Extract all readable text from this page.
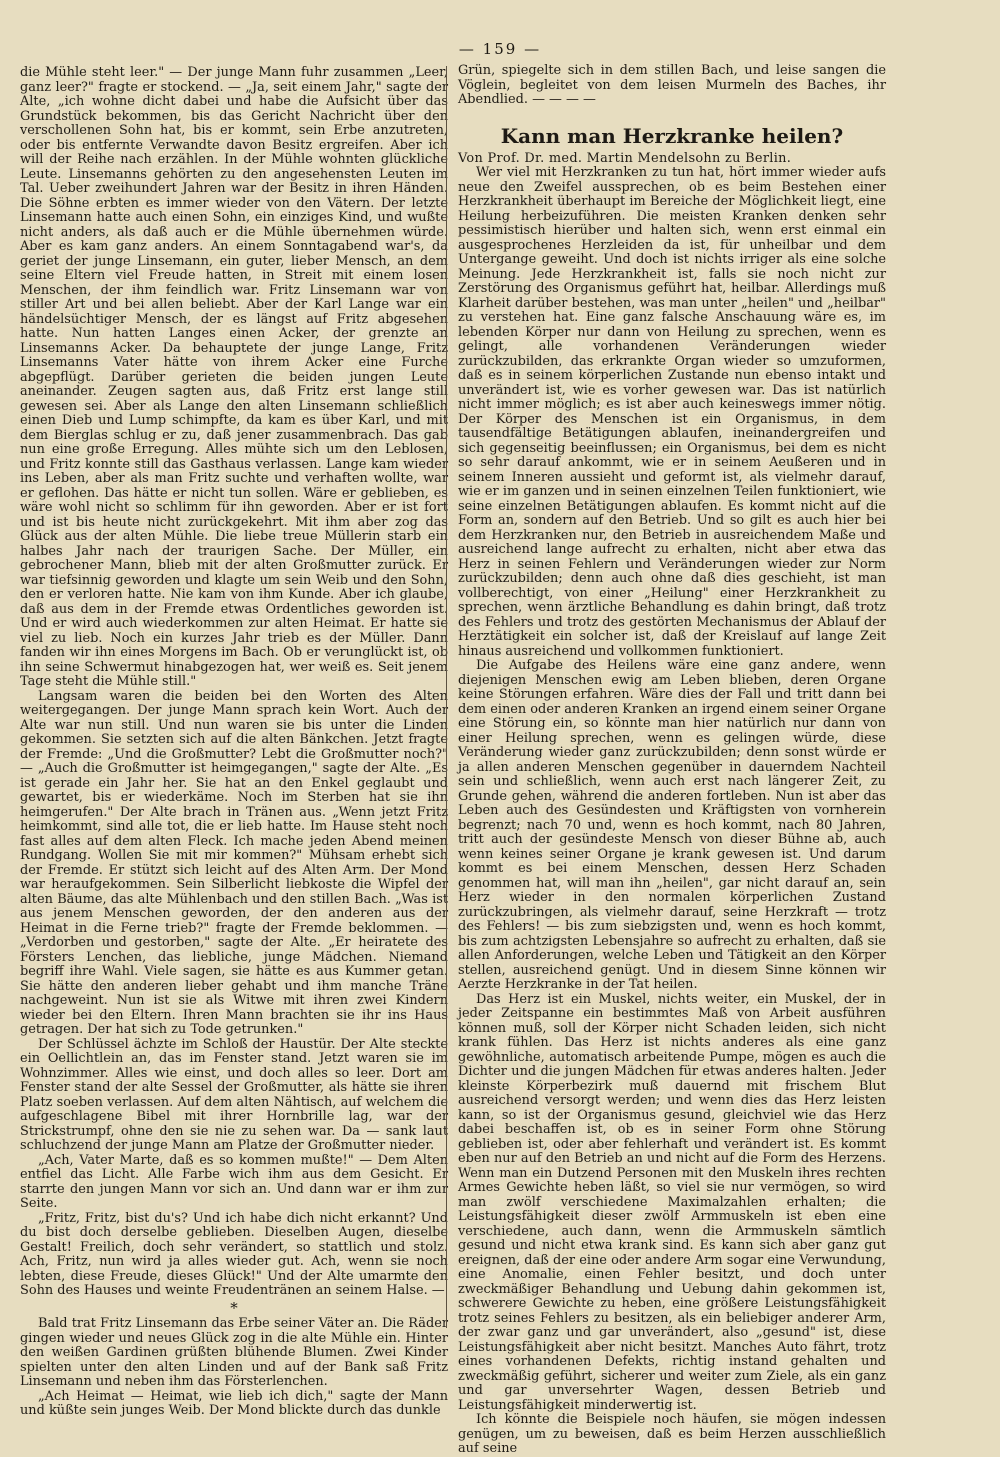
— 159 —

die Mühle steht leer." — Der junge Mann fuhr zusammen „Leer, ganz leer?" fragte er stockend. — „Ja, seit einem Jahr," sagte der Alte, „ich wohne dicht dabei und habe die Aufsicht über das Grundstück bekommen, bis das Gericht Nachricht über den verschollenen Sohn hat, bis er kommt, sein Erbe anzutreten, oder bis entfernte Verwandte davon Besitz ergreifen. Aber ich will der Reihe nach erzählen. In der Mühle wohnten glückliche Leute. Linsemanns gehörten zu den angesehensten Leuten im Tal. Ueber zweihundert Jahren war der Besitz in ihren Händen. Die Söhne erbten es immer wieder von den Vätern. Der letzte Linsemann hatte auch einen Sohn, ein einziges Kind, und wußte nicht anders, als daß auch er die Mühle übernehmen würde. Aber es kam ganz anders. An einem Sonntagabend war's, da geriet der junge Linsemann, ein guter, lieber Mensch, an dem seine Eltern viel Freude hatten, in Streit mit einem losen Menschen, der ihm feindlich war. Fritz Linsemann war von stiller Art und bei allen beliebt. Aber der Karl Lange war ein händelsüchtiger Mensch, der es längst auf Fritz abgesehen hatte. Nun hatten Langes einen Acker, der grenzte an Linsemanns Acker. Da behauptete der junge Lange, Fritz Linsemanns Vater hätte von ihrem Acker eine Furche abgepflügt. Darüber gerieten die beiden jungen Leute aneinander. Zeugen sagten aus, daß Fritz erst lange still gewesen sei. Aber als Lange den alten Linsemann schließlich einen Dieb und Lump schimpfte, da kam es über Karl, und mit dem Bierglas schlug er zu, daß jener zusammenbrach. Das gab nun eine große Erregung. Alles mühte sich um den Leblosen, und Fritz konnte still das Gasthaus verlassen. Lange kam wieder ins Leben, aber als man Fritz suchte und verhaften wollte, war er geflohen. Das hätte er nicht tun sollen. Wäre er geblieben, es wäre wohl nicht so schlimm für ihn geworden. Aber er ist fort und ist bis heute nicht zurückgekehrt. Mit ihm aber zog das Glück aus der alten Mühle. Die liebe treue Müllerin starb ein halbes Jahr nach der traurigen Sache. Der Müller, ein gebrochener Mann, blieb mit der alten Großmutter zurück. Er war tiefsinnig geworden und klagte um sein Weib und den Sohn, den er verloren hatte. Nie kam von ihm Kunde. Aber ich glaube, daß aus dem in der Fremde etwas Ordentliches geworden ist. Und er wird auch wiederkommen zur alten Heimat. Er hatte sie viel zu lieb. Noch ein kurzes Jahr trieb es der Müller. Dann fanden wir ihn eines Morgens im Bach. Ob er verunglückt ist, ob ihn seine Schwermut hinabgezogen hat, wer weiß es. Seit jenem Tage steht die Mühle still."

Langsam waren die beiden bei den Worten des Alten weitergegangen. Der junge Mann sprach kein Wort. Auch der Alte war nun still. Und nun waren sie bis unter die Linden gekommen. Sie setzten sich auf die alten Bänkchen. Jetzt fragte der Fremde: „Und die Großmutter? Lebt die Großmutter noch?" — „Auch die Großmutter ist heimgegangen," sagte der Alte. „Es ist gerade ein Jahr her. Sie hat an den Enkel geglaubt und gewartet, bis er wiederkäme. Noch im Sterben hat sie ihn heimgerufen." Der Alte brach in Tränen aus. „Wenn jetzt Fritz heimkommt, sind alle tot, die er lieb hatte. Im Hause steht noch fast alles auf dem alten Fleck. Ich mache jeden Abend meinen Rundgang. Wollen Sie mit mir kommen?" Mühsam erhebt sich der Fremde. Er stützt sich leicht auf des Alten Arm. Der Mond war heraufgekommen. Sein Silberlicht liebkoste die Wipfel der alten Bäume, das alte Mühlenbach und den stillen Bach. „Was ist aus jenem Menschen geworden, der den anderen aus der Heimat in die Ferne trieb?" fragte der Fremde beklommen. — „Verdorben und gestorben," sagte der Alte. „Er heiratete des Försters Lenchen, das liebliche, junge Mädchen. Niemand begriff ihre Wahl. Viele sagen, sie hätte es aus Kummer getan. Sie hätte den anderen lieber gehabt und ihm manche Träne nachgeweint. Nun ist sie als Witwe mit ihren zwei Kindern wieder bei den Eltern. Ihren Mann brachten sie ihr ins Haus getragen. Der hat sich zu Tode getrunken."

Der Schlüssel ächzte im Schloß der Haustür. Der Alte steckte ein Oellichtlein an, das im Fenster stand. Jetzt waren sie im Wohnzimmer. Alles wie einst, und doch alles so leer. Dort am Fenster stand der alte Sessel der Großmutter, als hätte sie ihren Platz soeben verlassen. Auf dem alten Nähtisch, auf welchem die aufgeschlagene Bibel mit ihrer Hornbrille lag, war der Strickstrumpf, ohne den sie nie zu sehen war. Da — sank laut schluchzend der junge Mann am Platze der Großmutter nieder.

„Ach, Vater Marte, daß es so kommen mußte!" — Dem Alten entfiel das Licht. Alle Farbe wich ihm aus dem Gesicht. Er starrte den jungen Mann vor sich an. Und dann war er ihm zur Seite.

„Fritz, Fritz, bist du's? Und ich habe dich nicht erkannt? Und du bist doch derselbe geblieben. Dieselben Augen, dieselbe Gestalt! Freilich, doch sehr verändert, so stattlich und stolz. Ach, Fritz, nun wird ja alles wieder gut. Ach, wenn sie noch lebten, diese Freude, dieses Glück!" Und der Alte umarmte den Sohn des Hauses und weinte Freudentränen an seinem Halse. —

*

Bald trat Fritz Linsemann das Erbe seiner Väter an. Die Räder gingen wieder und neues Glück zog in die alte Mühle ein. Hinter den weißen Gardinen grüßten blühende Blumen. Zwei Kinder spielten unter den alten Linden und auf der Bank saß Fritz Linsemann und neben ihm das Försterlenchen.

„Ach Heimat — Heimat, wie lieb ich dich," sagte der Mann und küßte sein junges Weib. Der Mond blickte durch das dunkle

Grün, spiegelte sich in dem stillen Bach, und leise sangen die Vöglein, begleitet von dem leisen Murmeln des Baches, ihr Abendlied. — — — —

Kann man Herzkranke heilen?

Von Prof. Dr. med. Martin Mendelsohn zu Berlin.

Wer viel mit Herzkranken zu tun hat, hört immer wieder aufs neue den Zweifel aussprechen, ob es beim Bestehen einer Herzkrankheit überhaupt im Bereiche der Möglichkeit liegt, eine Heilung herbeizuführen. Die meisten Kranken denken sehr pessimistisch hierüber und halten sich, wenn erst einmal ein ausgesprochenes Herzleiden da ist, für unheilbar und dem Untergange geweiht. Und doch ist nichts irriger als eine solche Meinung. Jede Herzkrankheit ist, falls sie noch nicht zur Zerstörung des Organismus geführt hat, heilbar. Allerdings muß Klarheit darüber bestehen, was man unter „heilen" und „heilbar" zu verstehen hat. Eine ganz falsche Anschauung wäre es, im lebenden Körper nur dann von Heilung zu sprechen, wenn es gelingt, alle vorhandenen Veränderungen wieder zurückzubilden, das erkrankte Organ wieder so umzuformen, daß es in seinem körperlichen Zustande nun ebenso intakt und unverändert ist, wie es vorher gewesen war. Das ist natürlich nicht immer möglich; es ist aber auch keineswegs immer nötig. Der Körper des Menschen ist ein Organismus, in dem tausendfältige Betätigungen ablaufen, ineinandergreifen und sich gegenseitig beeinflussen; ein Organismus, bei dem es nicht so sehr darauf ankommt, wie er in seinem Aeußeren und in seinem Inneren aussieht und geformt ist, als vielmehr darauf, wie er im ganzen und in seinen einzelnen Teilen funktioniert, wie seine einzelnen Betätigungen ablaufen. Es kommt nicht auf die Form an, sondern auf den Betrieb. Und so gilt es auch hier bei dem Herzkranken nur, den Betrieb in ausreichendem Maße und ausreichend lange aufrecht zu erhalten, nicht aber etwa das Herz in seinen Fehlern und Veränderungen wieder zur Norm zurückzubilden; denn auch ohne daß dies geschieht, ist man vollberechtigt, von einer „Heilung" einer Herzkrankheit zu sprechen, wenn ärztliche Behandlung es dahin bringt, daß trotz des Fehlers und trotz des gestörten Mechanismus der Ablauf der Herztätigkeit ein solcher ist, daß der Kreislauf auf lange Zeit hinaus ausreichend und vollkommen funktioniert.

Die Aufgabe des Heilens wäre eine ganz andere, wenn diejenigen Menschen ewig am Leben blieben, deren Organe keine Störungen erfahren. Wäre dies der Fall und tritt dann bei dem einen oder anderen Kranken an irgend einem seiner Organe eine Störung ein, so könnte man hier natürlich nur dann von einer Heilung sprechen, wenn es gelingen würde, diese Veränderung wieder ganz zurückzubilden; denn sonst würde er ja allen anderen Menschen gegenüber in dauerndem Nachteil sein und schließlich, wenn auch erst nach längerer Zeit, zu Grunde gehen, während die anderen fortleben. Nun ist aber das Leben auch des Gesündesten und Kräftigsten von vornherein begrenzt; nach 70 und, wenn es hoch kommt, nach 80 Jahren, tritt auch der gesündeste Mensch von dieser Bühne ab, auch wenn keines seiner Organe je krank gewesen ist. Und darum kommt es bei einem Menschen, dessen Herz Schaden genommen hat, will man ihn „heilen", gar nicht darauf an, sein Herz wieder in den normalen körperlichen Zustand zurückzubringen, als vielmehr darauf, seine Herzkraft — trotz des Fehlers! — bis zum siebzigsten und, wenn es hoch kommt, bis zum achtzigsten Lebensjahre so aufrecht zu erhalten, daß sie allen Anforderungen, welche Leben und Tätigkeit an den Körper stellen, ausreichend genügt. Und in diesem Sinne können wir Aerzte Herzkranke in der Tat heilen.

Das Herz ist ein Muskel, nichts weiter, ein Muskel, der in jeder Zeitspanne ein bestimmtes Maß von Arbeit ausführen können muß, soll der Körper nicht Schaden leiden, sich nicht krank fühlen. Das Herz ist nichts anderes als eine ganz gewöhnliche, automatisch arbeitende Pumpe, mögen es auch die Dichter und die jungen Mädchen für etwas anderes halten. Jeder kleinste Körperbezirk muß dauernd mit frischem Blut ausreichend versorgt werden; und wenn dies das Herz leisten kann, so ist der Organismus gesund, gleichviel wie das Herz dabei beschaffen ist, ob es in seiner Form ohne Störung geblieben ist, oder aber fehlerhaft und verändert ist. Es kommt eben nur auf den Betrieb an und nicht auf die Form des Herzens. Wenn man ein Dutzend Personen mit den Muskeln ihres rechten Armes Gewichte heben läßt, so viel sie nur vermögen, so wird man zwölf verschiedene Maximalzahlen erhalten; die Leistungsfähigkeit dieser zwölf Armmuskeln ist eben eine verschiedene, auch dann, wenn die Armmuskeln sämtlich gesund und nicht etwa krank sind. Es kann sich aber ganz gut ereignen, daß der eine oder andere Arm sogar eine Verwundung, eine Anomalie, einen Fehler besitzt, und doch unter zweckmäßiger Behandlung und Uebung dahin gekommen ist, schwerere Gewichte zu heben, eine größere Leistungsfähigkeit trotz seines Fehlers zu besitzen, als ein beliebiger anderer Arm, der zwar ganz und gar unverändert, also „gesund" ist, diese Leistungsfähigkeit aber nicht besitzt. Manches Auto fährt, trotz eines vorhandenen Defekts, richtig instand gehalten und zweckmäßig geführt, sicherer und weiter zum Ziele, als ein ganz und gar unversehrter Wagen, dessen Betrieb und Leistungsfähigkeit minderwertig ist.

Ich könnte die Beispiele noch häufen, sie mögen indessen genügen, um zu beweisen, daß es beim Herzen ausschließlich auf seine
